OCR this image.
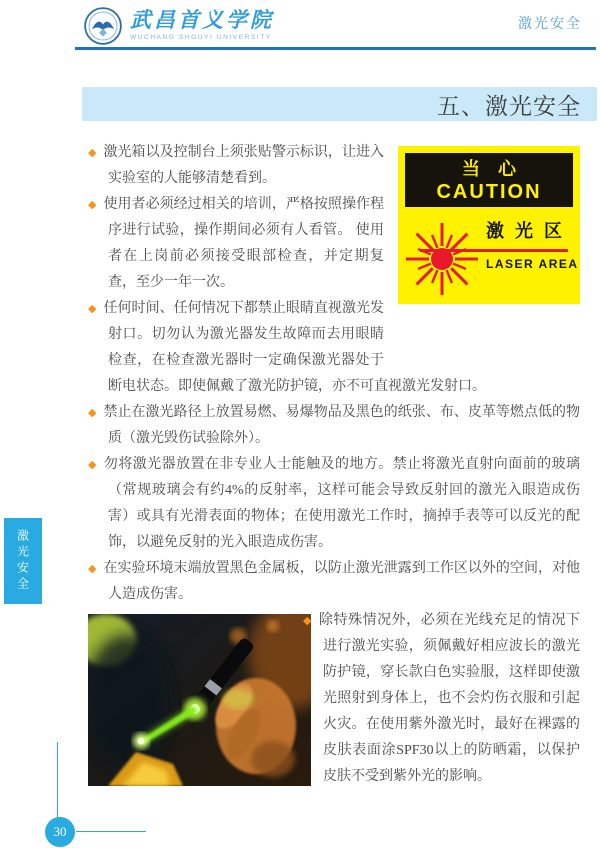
武昌首义学院
WUCHANG SHOUYI UNIVERSITY
激光安全
五、激光安全
当心
CAUTION
激光区
LASER AREA
◆ 激光箱以及控制台上须张贴警示标识，让进入实验室的人能够清楚看到。
◆ 使用者必须经过相关的培训，严格按照操作程序进行试验，操作期间必须有人看管。 使用者在上岗前必须接受眼部检查，并定期复查，至少一年一次。
◆ 任何时间、任何情况下都禁止眼睛直视激光发射口。切勿认为激光器发生故障而去用眼睛检查，在检查激光器时一定确保激光器处于断电状态。即使佩戴了激光防护镜，亦不可直视激光发射口。
◆ 禁止在激光路径上放置易燃、易爆物品及黑色的纸张、布、皮革等燃点低的物质（激光毁伤试验除外）。
◆ 勿将激光器放置在非专业人士能触及的地方。禁止将激光直射向面前的玻璃（常规玻璃会有约4%的反射率，这样可能会导致反射回的激光入眼造成伤害）或具有光滑表面的物体；在使用激光工作时，摘掉手表等可以反光的配饰，以避免反射的光入眼造成伤害。
◆ 在实验环境末端放置黑色金属板，以防止激光泄露到工作区以外的空间，对他人造成伤害。
◆ 除特殊情况外，必须在光线充足的情况下进行激光实验，须佩戴好相应波长的激光防护镜，穿长款白色实验服，这样即使激光照射到身体上，也不会灼伤衣服和引起火灾。在使用紫外激光时，最好在裸露的皮肤表面涂SPF30以上的防晒霜，以保护皮肤不受到紫外光的影响。
激光安全
30
